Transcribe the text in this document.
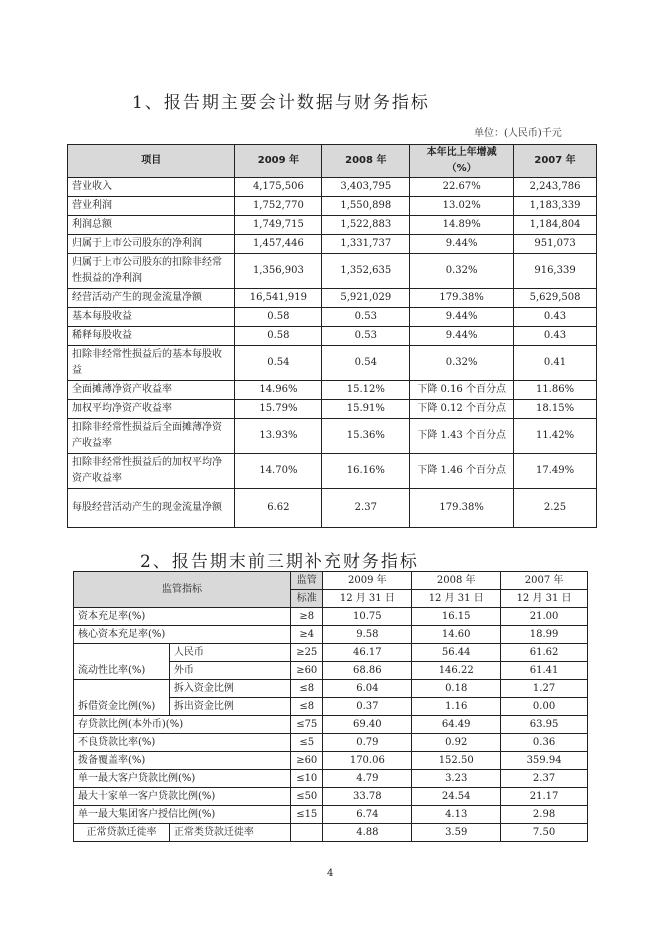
1、报告期主要会计数据与财务指标
单位：(人民币)千元
项目	2009 年	2008 年	本年比上年增减（%）	2007 年
营业收入	4,175,506	3,403,795	22.67%	2,243,786
营业利润	1,752,770	1,550,898	13.02%	1,183,339
利润总额	1,749,715	1,522,883	14.89%	1,184,804
归属于上市公司股东的净利润	1,457,446	1,331,737	9.44%	951,073
归属于上市公司股东的扣除非经常性损益的净利润	1,356,903	1,352,635	0.32%	916,339
经营活动产生的现金流量净额	16,541,919	5,921,029	179.38%	5,629,508
基本每股收益	0.58	0.53	9.44%	0.43
稀释每股收益	0.58	0.53	9.44%	0.43
扣除非经常性损益后的基本每股收益	0.54	0.54	0.32%	0.41
全面摊薄净资产收益率	14.96%	15.12%	下降 0.16 个百分点	11.86%
加权平均净资产收益率	15.79%	15.91%	下降 0.12 个百分点	18.15%
扣除非经常性损益后全面摊薄净资产收益率	13.93%	15.36%	下降 1.43 个百分点	11.42%
扣除非经常性损益后的加权平均净资产收益率	14.70%	16.16%	下降 1.46 个百分点	17.49%
每股经营活动产生的现金流量净额	6.62	2.37	179.38%	2.25
2、报告期末前三期补充财务指标
监管指标		监管	2009 年	2008 年	2007 年
		标准	12 月 31 日	12 月 31 日	12 月 31 日
资本充足率(%)		≥8	10.75	16.15	21.00
核心资本充足率(%)		≥4	9.58	14.60	18.99
流动性比率(%)	人民币	≥25	46.17	56.44	61.62
	外币	≥60	68.86	146.22	61.41
拆借资金比例(%)	拆入资金比例	≤8	6.04	0.18	1.27
	拆出资金比例	≤8	0.37	1.16	0.00
存贷款比例(本外币)(%)		≤75	69.40	64.49	63.95
不良贷款比率(%)		≤5	0.79	0.92	0.36
拨备覆盖率(%)		≥60	170.06	152.50	359.94
单一最大客户贷款比例(%)		≤10	4.79	3.23	2.37
最大十家单一客户贷款比例(%)		≤50	33.78	24.54	21.17
单一最大集团客户授信比例(%)		≤15	6.74	4.13	2.98
正常贷款迁徙率	正常类贷款迁徙率		4.88	3.59	7.50
4
